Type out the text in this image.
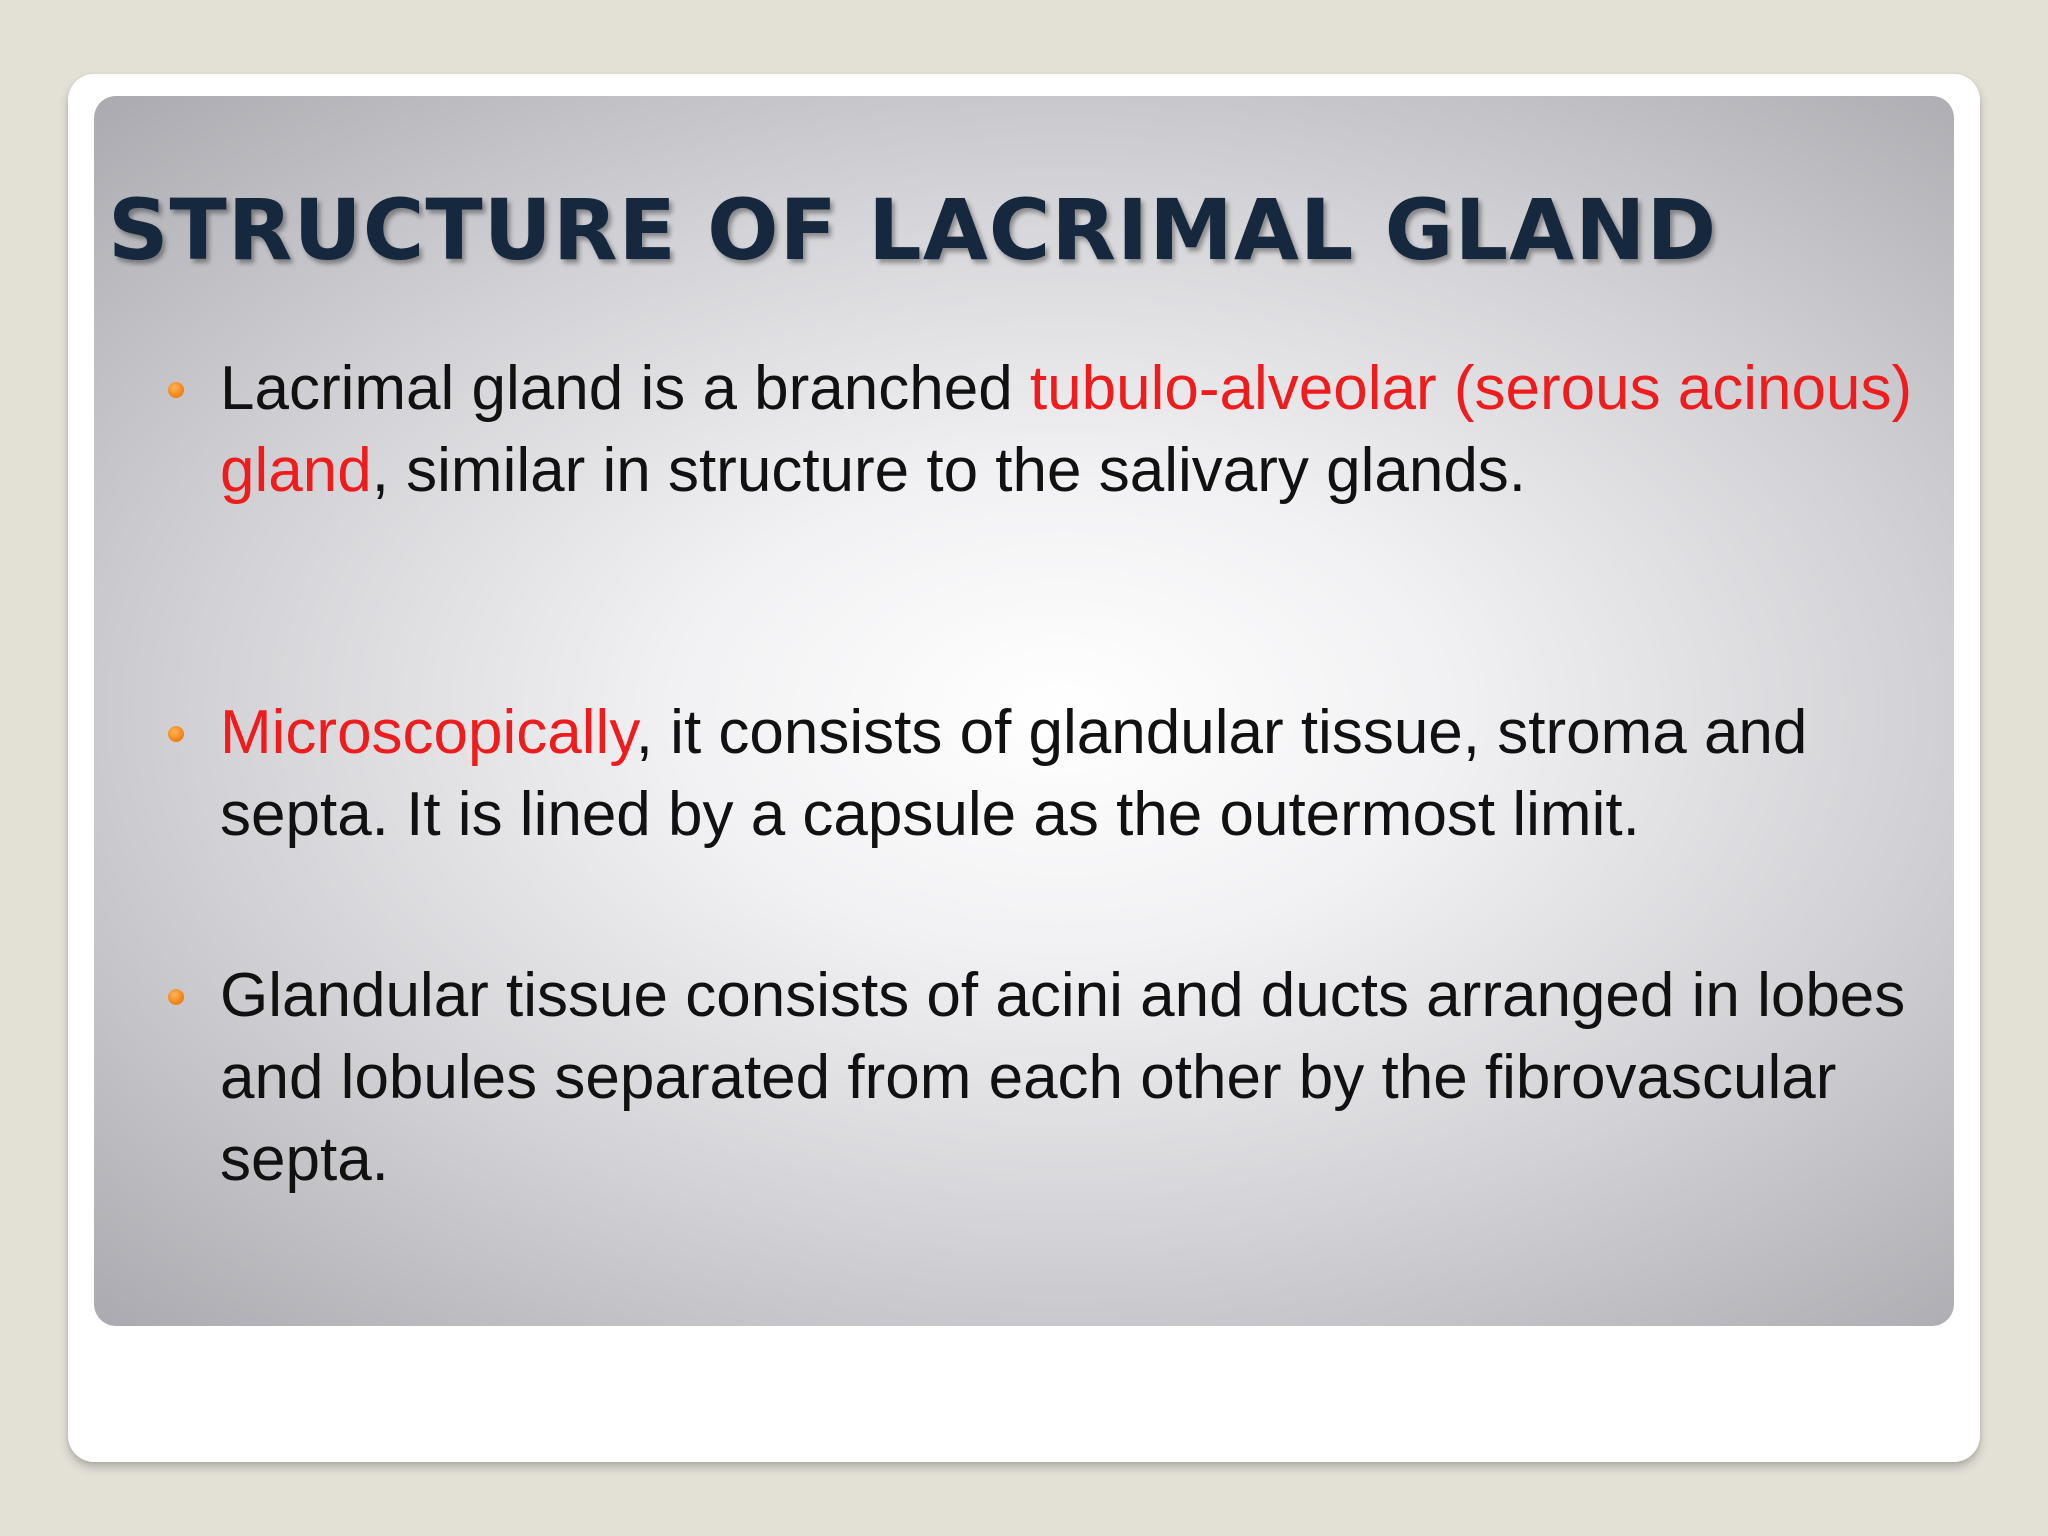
STRUCTURE OF LACRIMAL GLAND

Lacrimal gland is a branched tubulo-alveolar (serous acinous) gland, similar in structure to the salivary glands.

Microscopically, it consists of glandular tissue, stroma and septa. It is lined by a capsule as the outermost limit.

Glandular tissue consists of acini and ducts arranged in lobes and lobules separated from each other by the fibrovascular septa.
